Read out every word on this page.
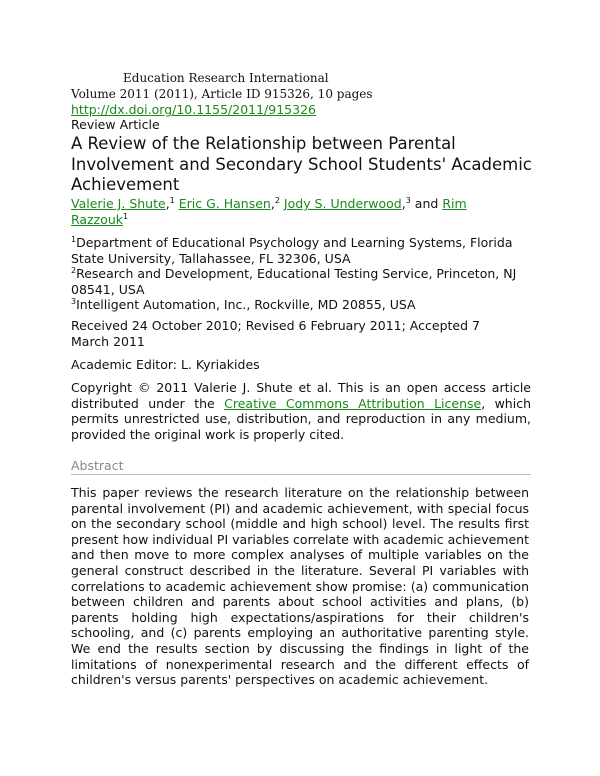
Education Research International
Volume 2011 (2011), Article ID 915326, 10 pages
http://dx.doi.org/10.1155/2011/915326
Review Article
A Review of the Relationship between Parental Involvement and Secondary School Students' Academic Achievement
Valerie J. Shute,$^1$ Eric G. Hansen,$^2$ Jody S. Underwood,$^3$ and Rim Razzouk$^1$
$^1$Department of Educational Psychology and Learning Systems, Florida State University, Tallahassee, FL 32306, USA
$^2$Research and Development, Educational Testing Service, Princeton, NJ 08541, USA
$^3$Intelligent Automation, Inc., Rockville, MD 20855, USA
Received 24 October 2010; Revised 6 February 2011; Accepted 7 March 2011
Academic Editor: L. Kyriakides
Copyright © 2011 Valerie J. Shute et al. This is an open access article distributed under the Creative Commons Attribution License, which permits unrestricted use, distribution, and reproduction in any medium, provided the original work is properly cited.
Abstract
This paper reviews the research literature on the relationship between parental involvement (PI) and academic achievement, with special focus on the secondary school (middle and high school) level. The results first present how individual PI variables correlate with academic achievement and then move to more complex analyses of multiple variables on the general construct described in the literature. Several PI variables with correlations to academic achievement show promise: (a) communication between children and parents about school activities and plans, (b) parents holding high expectations/aspirations for their children's schooling, and (c) parents employing an authoritative parenting style. We end the results section by discussing the findings in light of the limitations of nonexperimental research and the different effects of children's versus parents' perspectives on academic achievement.
